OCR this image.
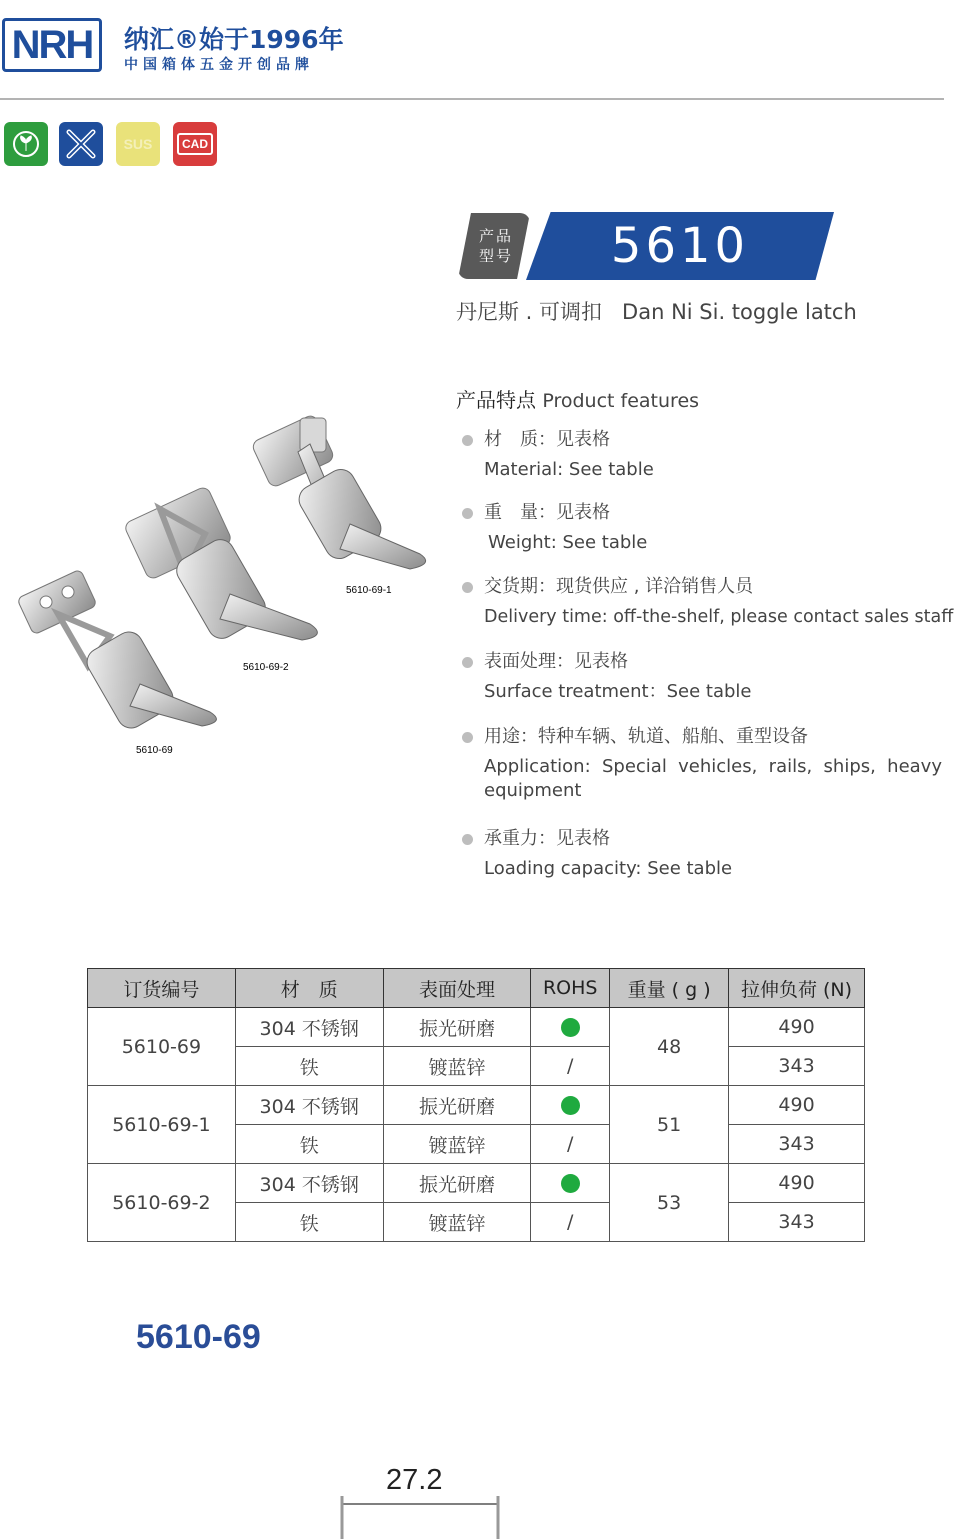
NRH	纳汇®始于1996年
中国箱体五金开创品牌
SUS	CAD
产品
型号	5610
丹尼斯 . 可调扣   Dan Ni Si. toggle latch
5610-69-1
5610-69-2
5610-69
产品特点 Product features
材　质：见表格
Material: See table
重　量：见表格
Weight: See table
交货期：现货供应 , 详洽销售人员
Delivery time: off-the-shelf, please contact sales staff
表面处理：见表格
Surface treatment：See table
用途：特种车辆、轨道、船舶、重型设备
Application: Special vehicles, rails, ships, heavy equipment
承重力：见表格
Loading capacity: See table
订货编号	材　质	表面处理	ROHS	重量 ( g )	拉伸负荷 (N)
5610-69	304 不锈钢	振光研磨		48	490
	铁	镀蓝锌	/		343
5610-69-1	304 不锈钢	振光研磨		51	490
	铁	镀蓝锌	/		343
5610-69-2	304 不锈钢	振光研磨		53	490
	铁	镀蓝锌	/		343
5610-69
27.2
